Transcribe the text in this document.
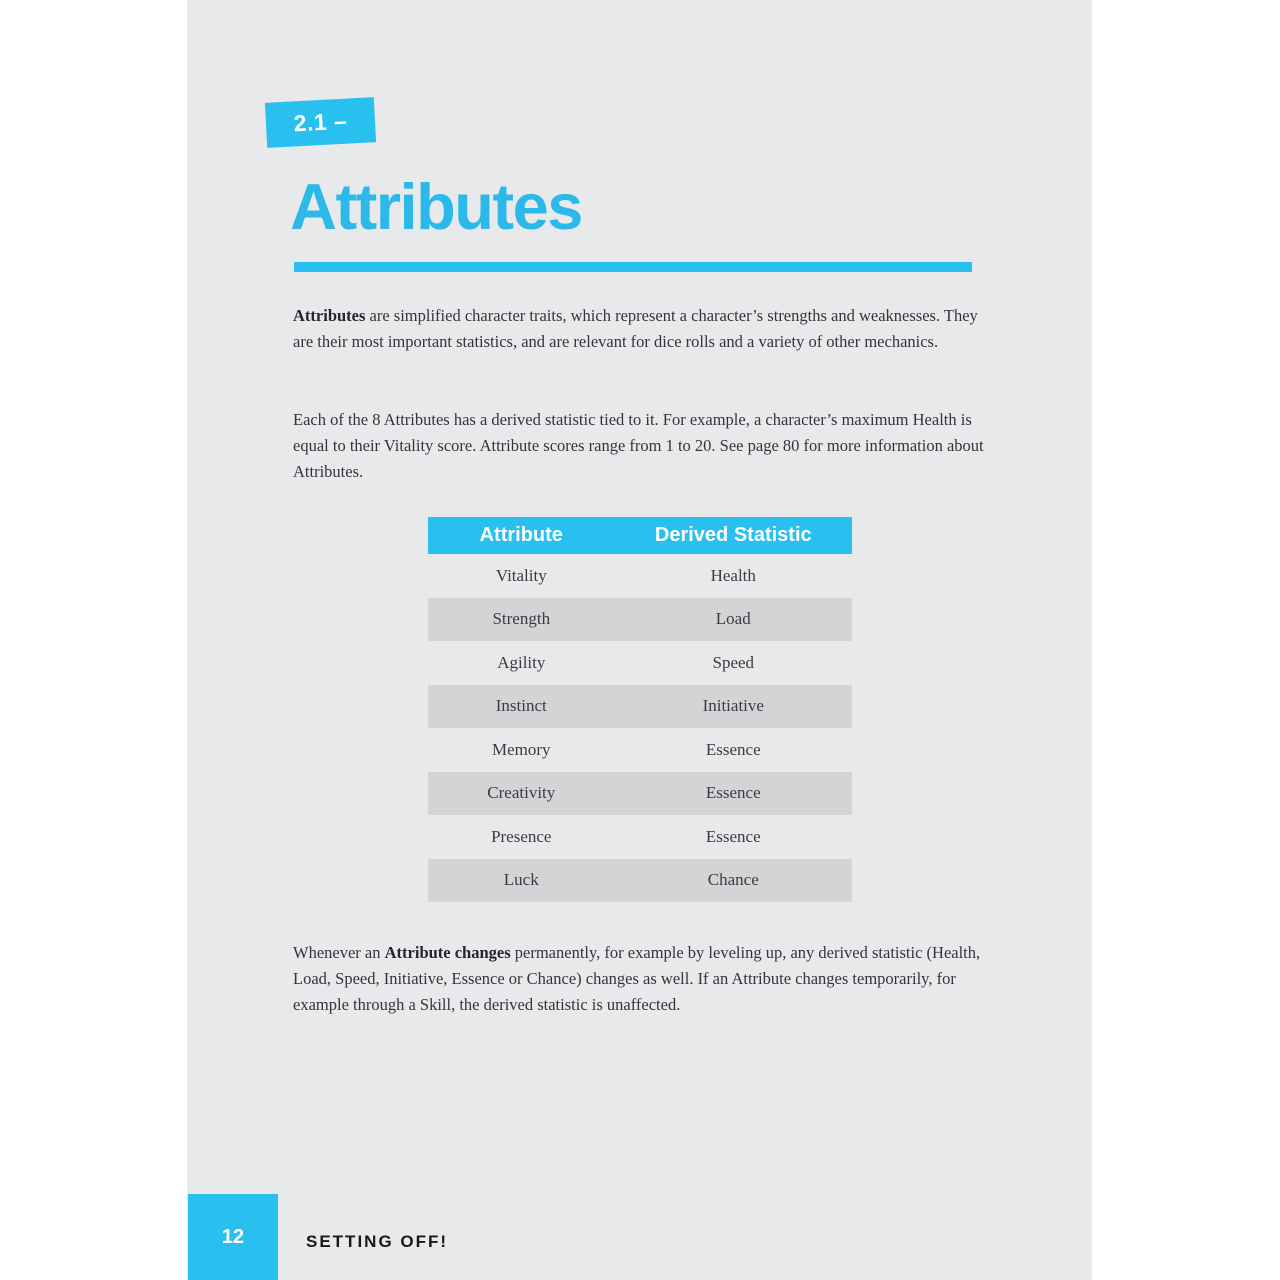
2.1 –
Attributes
Attributes are simplified character traits, which represent a character’s strengths and weaknesses. They are their most important statistics, and are relevant for dice rolls and a variety of other mechanics.
Each of the 8 Attributes has a derived statistic tied to it. For example, a character’s maximum Health is equal to their Vitality score. Attribute scores range from 1 to 20. See page 80 for more information about Attributes.
Attribute	Derived Statistic
Vitality	Health
Strength	Load
Agility	Speed
Instinct	Initiative
Memory	Essence
Creativity	Essence
Presence	Essence
Luck	Chance
Whenever an Attribute changes permanently, for example by leveling up, any derived statistic (Health, Load, Speed, Initiative, Essence or Chance) changes as well. If an Attribute changes temporarily, for example through a Skill, the derived statistic is unaffected.
12	SETTING OFF!
